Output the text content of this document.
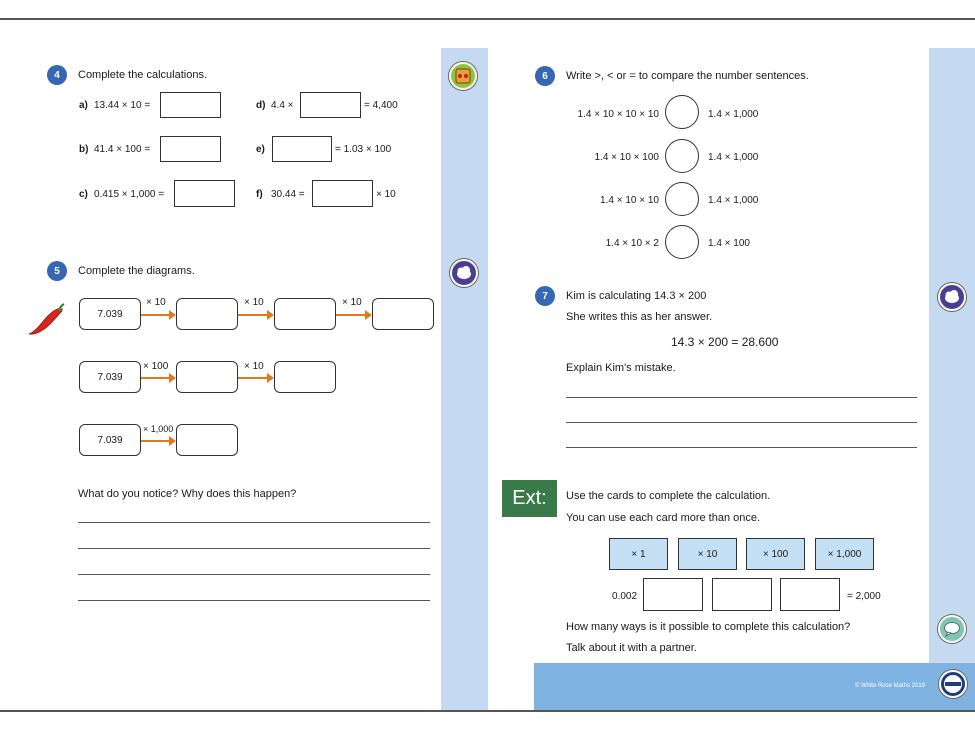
© White Rose Maths 2019
4	Complete the calculations.
a) 13.44 × 10 =
b) 41.4 × 100 =
c) 0.415 × 1,000 =
d) 4.4 ×	= 4,400
e)	= 1.03 × 100
f) 30.44 =	× 10
5	Complete the diagrams.
7.039
× 10	× 10	× 10
7.039
× 100	× 10
7.039
× 1,000
What do you notice? Why does this happen?
6	Write >, < or = to compare the number sentences.
1.4 × 10 × 10 × 10	1.4 × 1,000
1.4 × 10 × 100	1.4 × 1,000
1.4 × 10 × 10	1.4 × 1,000
1.4 × 10 × 2	1.4 × 100
7	Kim is calculating 14.3 × 200
She writes this as her answer.
14.3 × 200 = 28.600
Explain Kim's mistake.
Ext:	Use the cards to complete the calculation.
You can use each card more than once.
× 1	× 10	× 100	× 1,000
0.002	= 2,000
How many ways is it possible to complete this calculation?
Talk about it with a partner.
